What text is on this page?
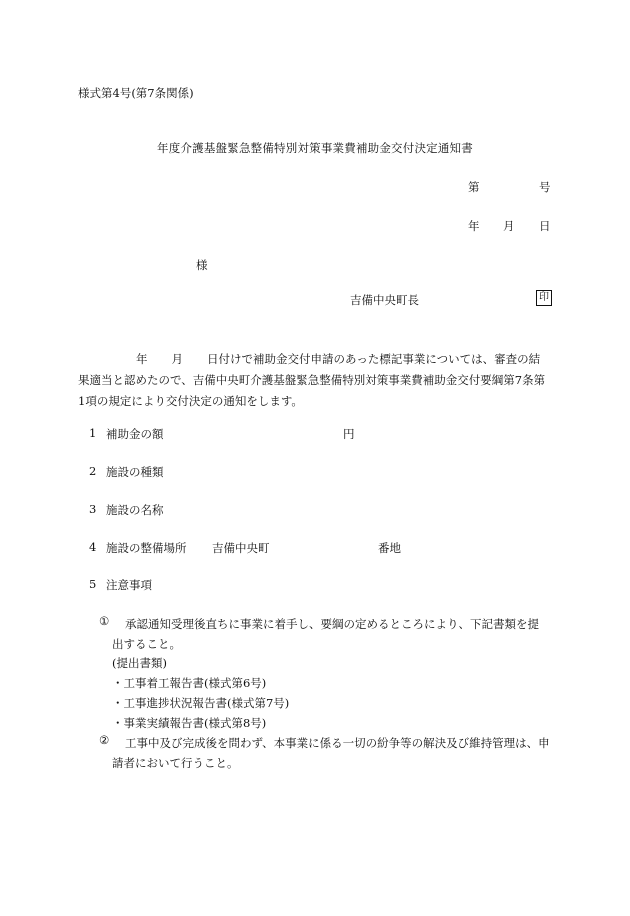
様式第4号(第7条関係)
年度介護基盤緊急整備特別対策事業費補助金交付決定通知書
第	号
年 月 日
様
吉備中央町長	印
年 月 日付けで補助金交付申請のあった標記事業については、審査の結果適当と認めたので、吉備中央町介護基盤緊急整備特別対策事業費補助金交付要綱第7条第1項の規定により交付決定の通知をします。
1 補助金の額	円
2 施設の種類
3 施設の名称
4 施設の整備場所 吉備中央町	番地
5 注意事項
①	承認通知受理後直ちに事業に着手し、要綱の定めるところにより、下記書類を提出すること。
(提出書類)
・工事着工報告書(様式第6号)
・工事進捗状況報告書(様式第7号)
・事業実績報告書(様式第8号)
②	工事中及び完成後を問わず、本事業に係る一切の紛争等の解決及び維持管理は、申請者において行うこと。
